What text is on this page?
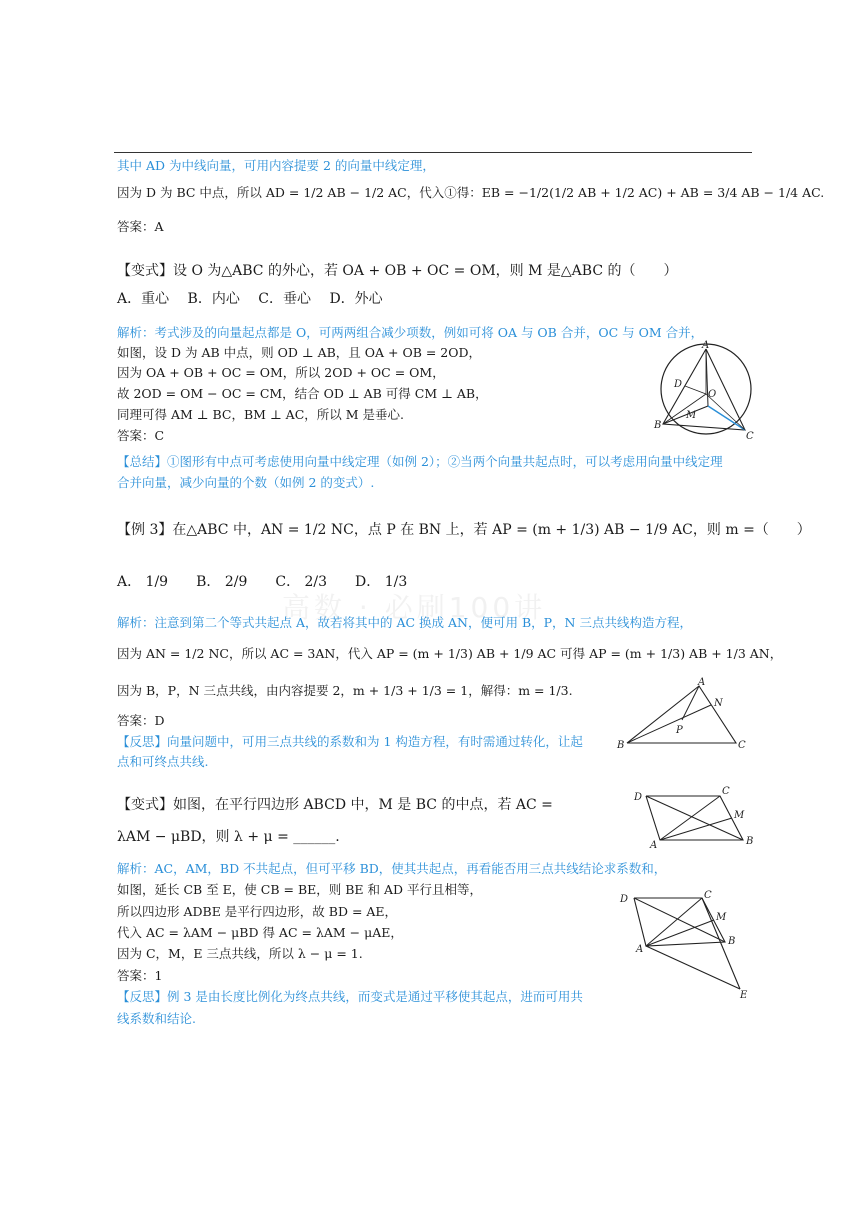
高数 · 必刷100讲
其中 AD 为中线向量，可用内容提要 2 的向量中线定理，
因为 D 为 BC 中点，所以 AD = 1/2 AB − 1/2 AC，代入①得：EB = −1/2(1/2 AB + 1/2 AC) + AB = 3/4 AB − 1/4 AC.
答案：A
【变式】设 O 为△ABC 的外心，若 OA + OB + OC = OM，则 M 是△ABC 的（　　）
A．重心　 B．内心　 C．垂心　 D．外心
解析：考式涉及的向量起点都是 O，可两两组合减少项数，例如可将 OA 与 OB 合并，OC 与 OM 合并，
如图，设 D 为 AB 中点，则 OD ⊥ AB，且 OA + OB = 2OD，
因为 OA + OB + OC = OM，所以 2OD + OC = OM，
故 2OD = OM − OC = CM，结合 OD ⊥ AB 可得 CM ⊥ AB，
同理可得 AM ⊥ BC，BM ⊥ AC，所以 M 是垂心.
答案：C
【总结】①图形有中点可考虑使用向量中线定理（如例 2）；②当两个向量共起点时，可以考虑用向量中线定理
合并向量，减少向量的个数（如例 2 的变式）.
A
D
O
M
B
C
【例 3】在△ABC 中，AN = 1/2 NC，点 P 在 BN 上，若 AP = (m + 1/3) AB − 1/9 AC，则 m =（　　）
A． 1/9　　B． 2/9　　C． 2/3　　D． 1/3
解析：注意到第二个等式共起点 A，故若将其中的 AC 换成 AN，便可用 B，P，N 三点共线构造方程，
因为 AN = 1/2 NC，所以 AC = 3AN，代入 AP = (m + 1/3) AB + 1/9 AC 可得 AP = (m + 1/3) AB + 1/3 AN，
因为 B，P，N 三点共线，由内容提要 2，m + 1/3 + 1/3 = 1，解得：m = 1/3.
答案：D
【反思】向量问题中，可用三点共线的系数和为 1 构造方程，有时需通过转化，让起
点和可终点共线.
A
N
P
B	C
【变式】如图，在平行四边形 ABCD 中，M 是 BC 的中点，若 AC =
λAM − μBD，则 λ + μ = ______.
解析：AC，AM，BD 不共起点，但可平移 BD，使其共起点，再看能否用三点共线结论求系数和，
如图，延长 CB 至 E，使 CB = BE，则 BE 和 AD 平行且相等，
所以四边形 ADBE 是平行四边形，故 BD = AE，
代入 AC = λAM − μBD 得 AC = λAM − μAE，
因为 C，M，E 三点共线，所以 λ − μ = 1.
答案：1
【反思】例 3 是由长度比例化为终点共线，而变式是通过平移使其起点，进而可用共
线系数和结论.
D
C
M
A	B
D	C
M
B
A
E
